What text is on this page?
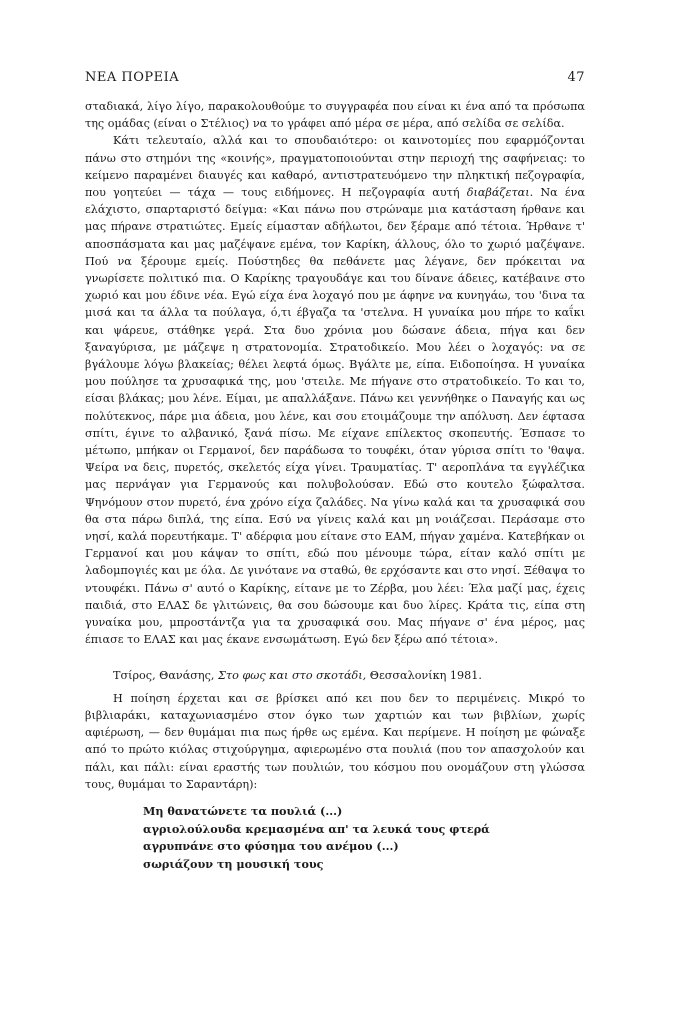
ΝΕΑ ΠΟΡΕΙΑ	47

σταδιακά, λίγο λίγο, παρακολουθούμε το συγγραφέα που είναι κι ένα από τα πρόσωπα της ομάδας (είναι ο Στέλιος) να το γράφει από μέρα σε μέρα, από σελίδα σε σελίδα.

Κάτι τελευταίο, αλλά και το σπουδαιότερο: οι καινοτομίες που εφαρμόζονται πάνω στο στημόνι της «κοινής», πραγματοποιούνται στην περιοχή της σαφήνειας: το κείμενο παραμένει διαυγές και καθαρό, αντιστρατευόμενο την πληκτική πεζογραφία, που γοητεύει — τάχα — τους ειδήμονες. Η πεζογραφία αυτή διαβάζεται. Να ένα ελάχιστο, σπαρταριστό δείγμα: «Και πάνω που στρώναμε μια κατάσταση ήρθανε και μας πήρανε στρατιώτες. Εμείς είμασταν αδήλωτοι, δεν ξέραμε από τέτοια. Ήρθανε τ' αποσπάσματα και μας μαζέψανε εμένα, τον Καρίκη, άλλους, όλο το χωριό μαζέψανε. Πού να ξέρουμε εμείς. Πούστηδες θα πεθάνετε μας λέγανε, δεν πρόκειται να γνωρίσετε πολιτικό πια. Ο Καρίκης τραγουδάγε και του δίνανε άδειες, κατέβαινε στο χωριό και μου έδινε νέα. Εγώ είχα ένα λοχαγό που με άφηνε να κυνηγάω, του 'δινα τα μισά και τα άλλα τα πούλαγα, ό,τι έβγαζα τα 'στελνα. Η γυναίκα μου πήρε το καΐκι και ψάρευε, στάθηκε γερά. Στα δυο χρόνια μου δώσανε άδεια, πήγα και δεν ξαναγύρισα, με μάζεψε η στρατονομία. Στρατοδικείο. Μου λέει ο λοχαγός: να σε βγάλουμε λόγω βλακείας; θέλει λεφτά όμως. Βγάλτε με, είπα. Ειδοποίησα. Η γυναίκα μου πούλησε τα χρυσαφικά της, μου 'στειλε. Με πήγανε στο στρατοδικείο. Το και το, είσαι βλάκας; μου λένε. Είμαι, με απαλλάξανε. Πάνω κει γεννήθηκε ο Παναγής και ως πολύτεκνος, πάρε μια άδεια, μου λένε, και σου ετοιμάζουμε την απόλυση. Δεν έφτασα σπίτι, έγινε το αλβανικό, ξανά πίσω. Με είχανε επίλεκτος σκοπευτής. Έσπασε το μέτωπο, μπήκαν οι Γερμανοί, δεν παράδωσα το τουφέκι, όταν γύρισα σπίτι το 'θαψα. Ψείρα να δεις, πυρετός, σκελετός είχα γίνει. Τραυματίας. Τ' αεροπλάνα τα εγγλέζικα μας περνάγαν για Γερμανούς και πολυβολούσαν. Εδώ στο κουτελο ξώφαλτσα. Ψηνόμουν στον πυρετό, ένα χρόνο είχα ζαλάδες. Να γίνω καλά και τα χρυσαφικά σου θα στα πάρω διπλά, της είπα. Εσύ να γίνεις καλά και μη νοιάζεσαι. Περάσαμε στο νησί, καλά πορευτήκαμε. Τ' αδέρφια μου είτανε στο ΕΑΜ, πήγαν χαμένα. Κατεβήκαν οι Γερμανοί και μου κάψαν το σπίτι, εδώ που μένουμε τώρα, είταν καλό σπίτι με λαδομπογιές και με όλα. Δε γινότανε να σταθώ, θε ερχόσαντε και στο νησί. Ξέθαψα το ντουφέκι. Πάνω σ' αυτό ο Καρίκης, είτανε με το Ζέρβα, μου λέει: Έλα μαζί μας, έχεις παιδιά, στο ΕΛΑΣ δε γλιτώνεις, θα σου δώσουμε και δυο λίρες. Κράτα τις, είπα στη γυναίκα μου, μπροστάντζα για τα χρυσαφικά σου. Μας πήγανε σ' ένα μέρος, μας έπιασε το ΕΛΑΣ και μας έκανε ενσωμάτωση. Εγώ δεν ξέρω από τέτοια».

Τσίρος, Θανάσης, Στο φως και στο σκοτάδι, Θεσσαλονίκη 1981.

Η ποίηση έρχεται και σε βρίσκει από κει που δεν το περιμένεις. Μικρό το βιβλιαράκι, καταχωνιασμένο στον όγκο των χαρτιών και των βιβλίων, χωρίς αφιέρωση, — δεν θυμάμαι πια πως ήρθε ως εμένα. Και περίμενε. Η ποίηση με φώναξε από το πρώτο κιόλας στιχούργημα, αφιερωμένο στα πουλιά (που τον απασχολούν και πάλι, και πάλι: είναι εραστής των πουλιών, του κόσμου που ονομάζουν στη γλώσσα τους, θυμάμαι το Σαραντάρη):

Μη θανατώνετε τα πουλιά (...)
αγριολούλουδα κρεμασμένα απ' τα λευκά τους φτερά
αγρυπνάνε στο φύσημα του ανέμου (...)
σωριάζουν τη μουσική τους
